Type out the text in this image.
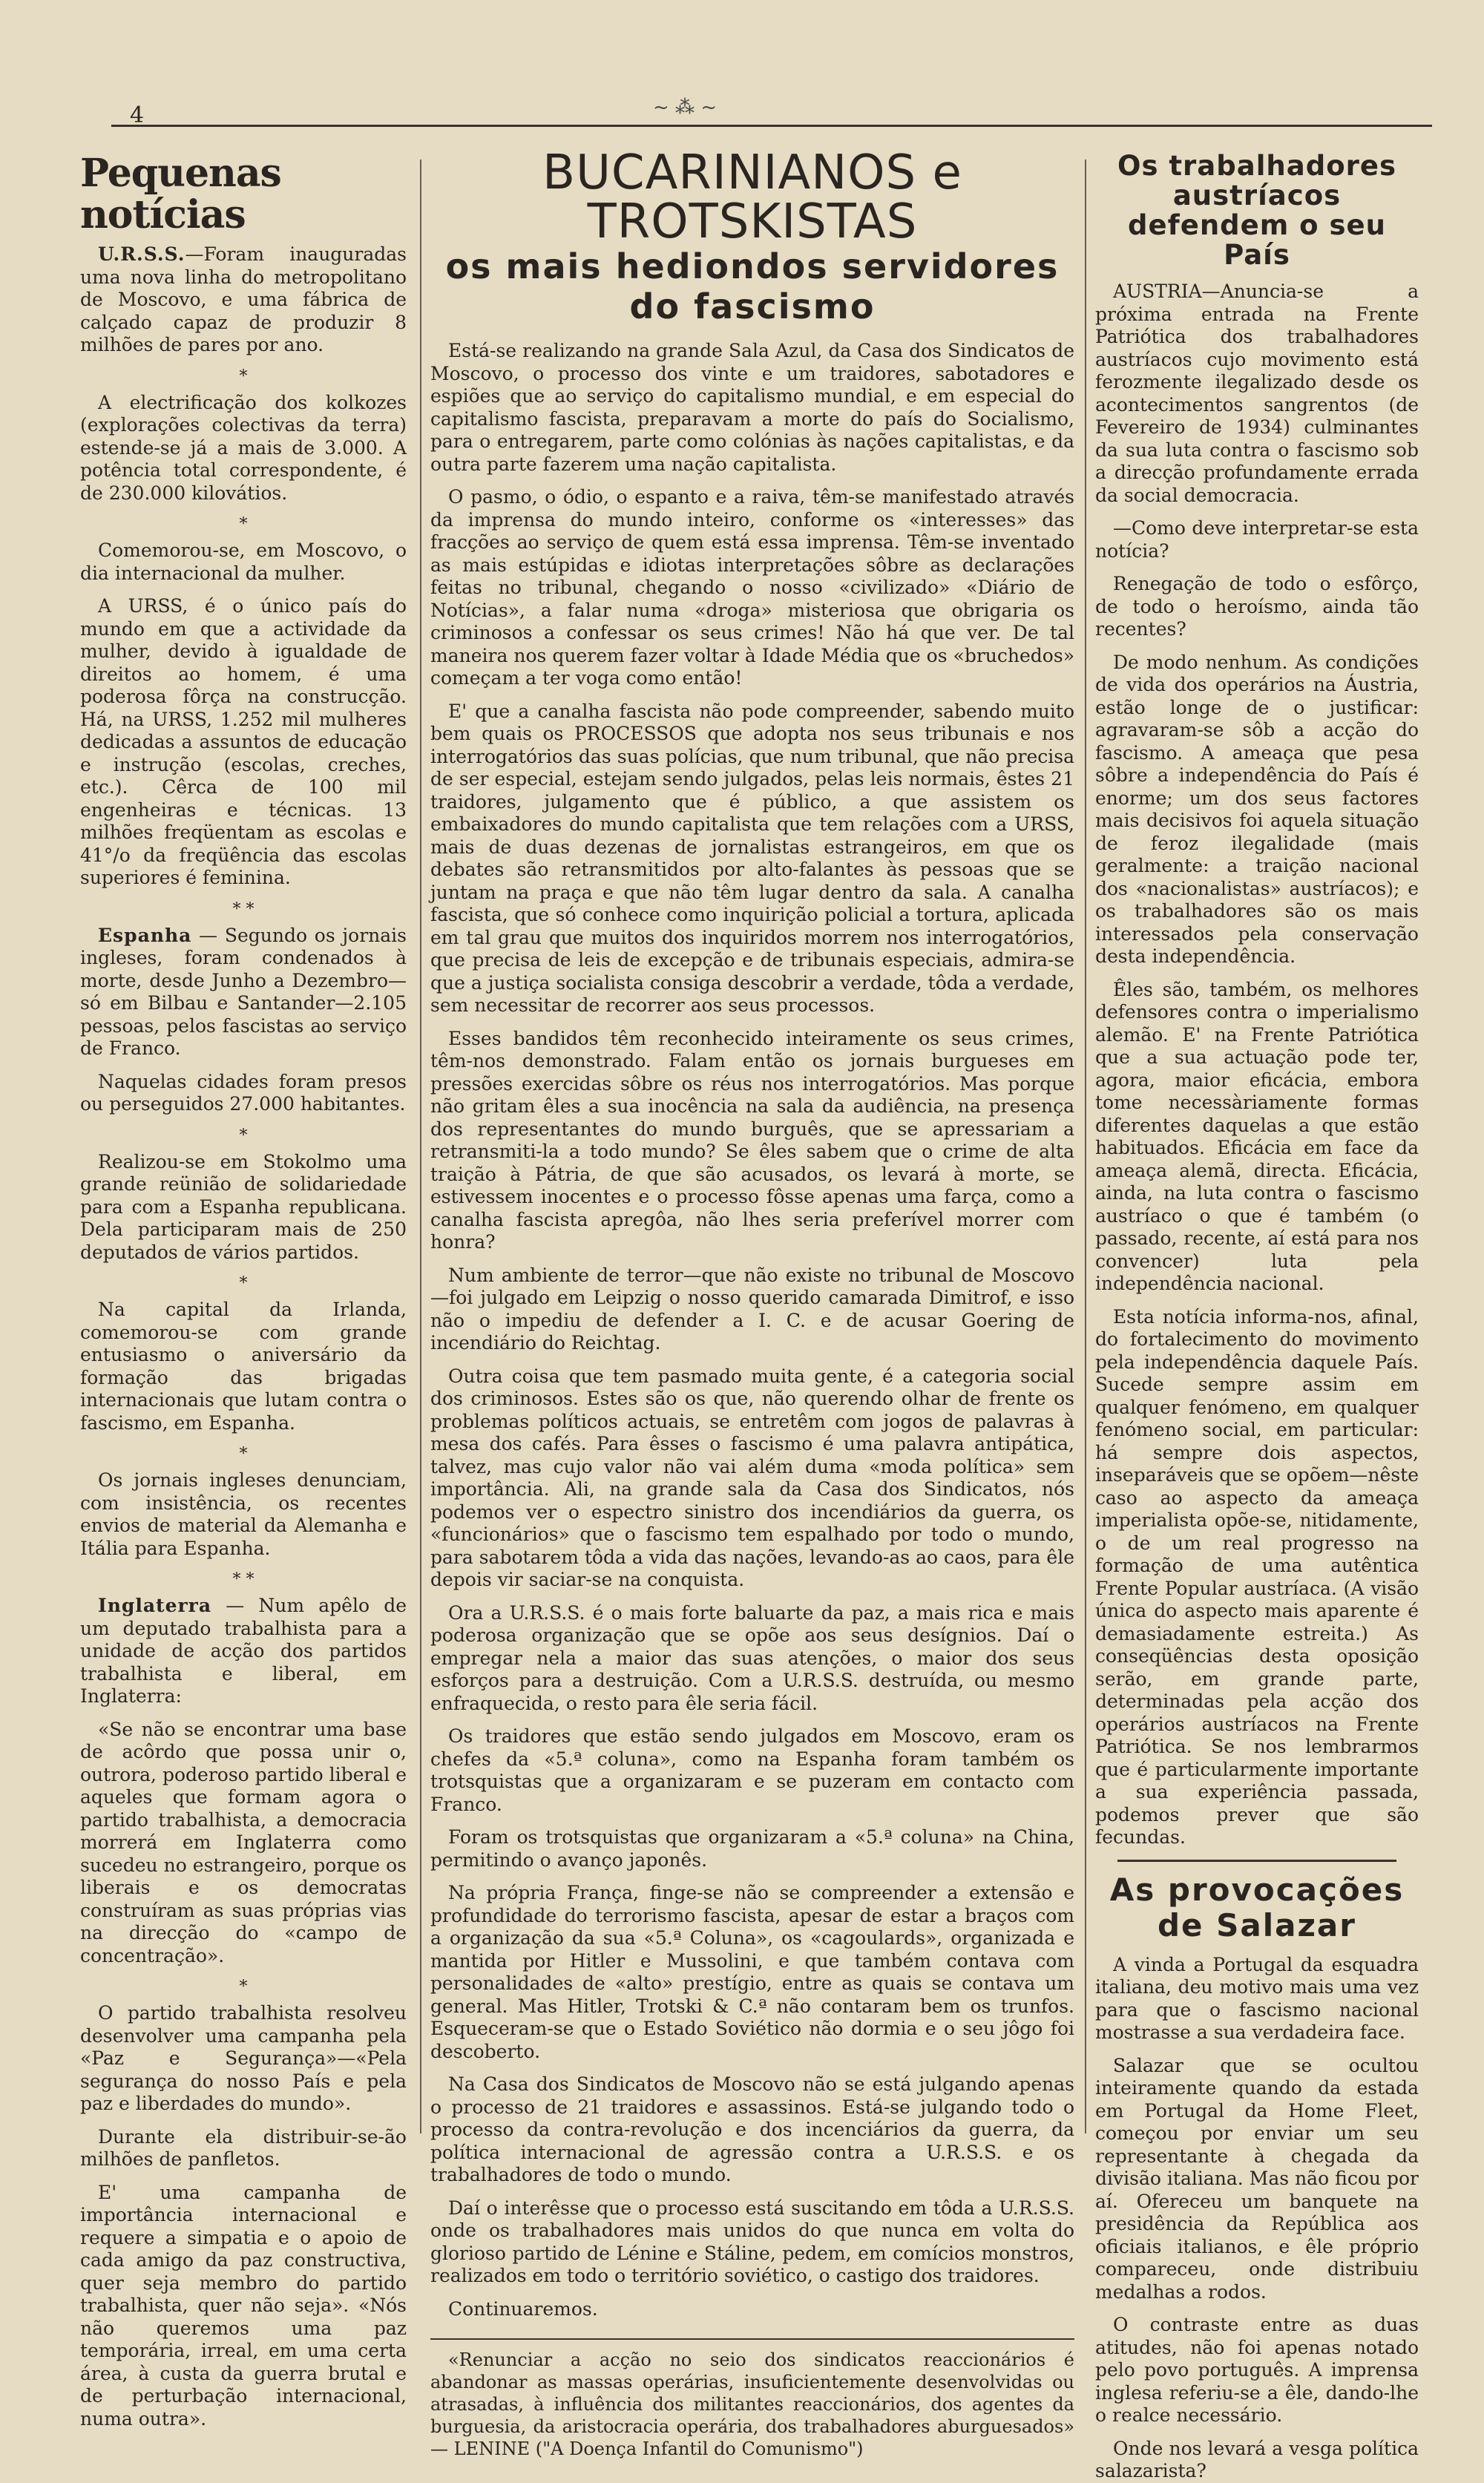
4	~ ⁂ ~
Pequenas notícias

U.R.S.S.—Foram inauguradas uma nova linha do metropolitano de Moscovo, e uma fábrica de calçado capaz de produzir 8 milhões de pares por ano.

*

A electrificação dos kolkozes (explorações colectivas da terra) estende-se já a mais de 3.000. A potência total correspondente, é de 230.000 kilovátios.

*

Comemorou-se, em Moscovo, o dia internacional da mulher.

A URSS, é o único país do mundo em que a actividade da mulher, devido à igualdade de direitos ao homem, é uma poderosa fôrça na construcção. Há, na URSS, 1.252 mil mulheres dedicadas a assuntos de educação e instrução (escolas, creches, etc.). Cêrca de 100 mil engenheiras e técnicas. 13 milhões freqüentam as escolas e 41°/o da freqüência das escolas superiores é feminina.

* *

Espanha — Segundo os jornais ingleses, foram condenados à morte, desde Junho a Dezembro—só em Bilbau e Santander—2.105 pessoas, pelos fascistas ao serviço de Franco.

Naquelas cidades foram presos ou perseguidos 27.000 habitantes.

*

Realizou-se em Stokolmo uma grande reünião de solidariedade para com a Espanha republicana. Dela participaram mais de 250 deputados de vários partidos.

*

Na capital da Irlanda, comemorou-se com grande entusiasmo o aniversário da formação das brigadas internacionais que lutam contra o fascismo, em Espanha.

*

Os jornais ingleses denunciam, com insistência, os recentes envios de material da Alemanha e Itália para Espanha.

* *

Inglaterra — Num apêlo de um deputado trabalhista para a unidade de acção dos partidos trabalhista e liberal, em Inglaterra:

«Se não se encontrar uma base de acôrdo que possa unir o, outrora, poderoso partido liberal e aqueles que formam agora o partido trabalhista, a democracia morrerá em Inglaterra como sucedeu no estrangeiro, porque os liberais e os democratas construíram as suas próprias vias na direcção do «campo de concentração».

*

O partido trabalhista resolveu desenvolver uma campanha pela «Paz e Segurança»—«Pela segurança do nosso País e pela paz e liberdades do mundo».

Durante ela distribuir-se-ão milhões de panfletos.

E' uma campanha de importância internacional e requere a simpatia e o apoio de cada amigo da paz constructiva, quer seja membro do partido trabalhista, quer não seja». «Nós não queremos uma paz temporária, irreal, em uma certa área, à custa da guerra brutal e de perturbação internacional, numa outra».

BUCARINIANOS e TROTSKISTAS
os mais hediondos servidores do fascismo

Está-se realizando na grande Sala Azul, da Casa dos Sindicatos de Moscovo, o processo dos vinte e um traidores, sabotadores e espiões que ao serviço do capitalismo mundial, e em especial do capitalismo fascista, preparavam a morte do país do Socialismo, para o entregarem, parte como colónias às nações capitalistas, e da outra parte fazerem uma nação capitalista.

O pasmo, o ódio, o espanto e a raiva, têm-se manifestado através da imprensa do mundo inteiro, conforme os «interesses» das fracções ao serviço de quem está essa imprensa. Têm-se inventado as mais estúpidas e idiotas interpretações sôbre as declarações feitas no tribunal, chegando o nosso «civilizado» «Diário de Notícias», a falar numa «droga» misteriosa que obrigaria os criminosos a confessar os seus crimes! Não há que ver. De tal maneira nos querem fazer voltar à Idade Média que os «bruchedos» começam a ter voga como então!

E' que a canalha fascista não pode compreender, sabendo muito bem quais os PROCESSOS que adopta nos seus tribunais e nos interrogatórios das suas polícias, que num tribunal, que não precisa de ser especial, estejam sendo julgados, pelas leis normais, êstes 21 traidores, julgamento que é público, a que assistem os embaixadores do mundo capitalista que tem relações com a URSS, mais de duas dezenas de jornalistas estrangeiros, em que os debates são retransmitidos por alto-falantes às pessoas que se juntam na praça e que não têm lugar dentro da sala. A canalha fascista, que só conhece como inquirição policial a tortura, aplicada em tal grau que muitos dos inquiridos morrem nos interrogatórios, que precisa de leis de excepção e de tribunais especiais, admira-se que a justiça socialista consiga descobrir a verdade, tôda a verdade, sem necessitar de recorrer aos seus processos.

Esses bandidos têm reconhecido inteiramente os seus crimes, têm-nos demonstrado. Falam então os jornais burgueses em pressões exercidas sôbre os réus nos interrogatórios. Mas porque não gritam êles a sua inocência na sala da audiência, na presença dos representantes do mundo burguês, que se apressariam a retransmiti-la a todo mundo? Se êles sabem que o crime de alta traição à Pátria, de que são acusados, os levará à morte, se estivessem inocentes e o processo fôsse apenas uma farça, como a canalha fascista apregôa, não lhes seria preferível morrer com honra?

Num ambiente de terror—que não existe no tribunal de Moscovo—foi julgado em Leipzig o nosso querido camarada Dimitrof, e isso não o impediu de defender a I. C. e de acusar Goering de incendiário do Reichtag.

Outra coisa que tem pasmado muita gente, é a categoria social dos criminosos. Estes são os que, não querendo olhar de frente os problemas políticos actuais, se entretêm com jogos de palavras à mesa dos cafés. Para êsses o fascismo é uma palavra antipática, talvez, mas cujo valor não vai além duma «moda política» sem importância. Ali, na grande sala da Casa dos Sindicatos, nós podemos ver o espectro sinistro dos incendiários da guerra, os «funcionários» que o fascismo tem espalhado por todo o mundo, para sabotarem tôda a vida das nações, levando-as ao caos, para êle depois vir saciar-se na conquista.

Ora a U.R.S.S. é o mais forte baluarte da paz, a mais rica e mais poderosa organização que se opõe aos seus desígnios. Daí o empregar nela a maior das suas atenções, o maior dos seus esforços para a destruição. Com a U.R.S.S. destruída, ou mesmo enfraquecida, o resto para êle seria fácil.

Os traidores que estão sendo julgados em Moscovo, eram os chefes da «5.ª coluna», como na Espanha foram também os trotsquistas que a organizaram e se puzeram em contacto com Franco.

Foram os trotsquistas que organizaram a «5.ª coluna» na China, permitindo o avanço japonês.

Na própria França, finge-se não se compreender a extensão e profundidade do terrorismo fascista, apesar de estar a braços com a organização da sua «5.ª Coluna», os «cagoulards», organizada e mantida por Hitler e Mussolini, e que também contava com personalidades de «alto» prestígio, entre as quais se contava um general. Mas Hitler, Trotski & C.ª não contaram bem os trunfos. Esqueceram-se que o Estado Soviético não dormia e o seu jôgo foi descoberto.

Na Casa dos Sindicatos de Moscovo não se está julgando apenas o processo de 21 traidores e assassinos. Está-se julgando todo o processo da contra-revolução e dos incenciários da guerra, da política internacional de agressão contra a U.R.S.S. e os trabalhadores de todo o mundo.

Daí o interêsse que o processo está suscitando em tôda a U.R.S.S. onde os trabalhadores mais unidos do que nunca em volta do glorioso partido de Lénine e Stáline, pedem, em comícios monstros, realizados em todo o território soviético, o castigo dos traidores.

Continuaremos.

«Renunciar a acção no seio dos sindicatos reaccionários é abandonar as massas operárias, insuficientemente desenvolvidas ou atrasadas, à influência dos militantes reaccionários, dos agentes da burguesia, da aristocracia operária, dos trabalhadores aburguesados» — LENINE ("A Doença Infantil do Comunismo")

Os trabalhadores austríacos defendem o seu País

AUSTRIA—Anuncia-se a próxima entrada na Frente Patriótica dos trabalhadores austríacos cujo movimento está ferozmente ilegalizado desde os acontecimentos sangrentos (de Fevereiro de 1934) culminantes da sua luta contra o fascismo sob a direcção profundamente errada da social democracia.

—Como deve interpretar-se esta notícia?

Renegação de todo o esfôrço, de todo o heroísmo, ainda tão recentes?

De modo nenhum. As condições de vida dos operários na Áustria, estão longe de o justificar: agravaram-se sôb a acção do fascismo. A ameaça que pesa sôbre a independência do País é enorme; um dos seus factores mais decisivos foi aquela situação de feroz ilegalidade (mais geralmente: a traição nacional dos «nacionalistas» austríacos); e os trabalhadores são os mais interessados pela conservação desta independência.

Êles são, também, os melhores defensores contra o imperialismo alemão. E' na Frente Patriótica que a sua actuação pode ter, agora, maior eficácia, embora tome necessàriamente formas diferentes daquelas a que estão habituados. Eficácia em face da ameaça alemã, directa. Eficácia, ainda, na luta contra o fascismo austríaco o que é também (o passado, recente, aí está para nos convencer) luta pela independência nacional.

Esta notícia informa-nos, afinal, do fortalecimento do movimento pela independência daquele País. Sucede sempre assim em qualquer fenómeno, em qualquer fenómeno social, em particular: há sempre dois aspectos, inseparáveis que se opõem—nêste caso ao aspecto da ameaça imperialista opõe-se, nitidamente, o de um real progresso na formação de uma autêntica Frente Popular austríaca. (A visão única do aspecto mais aparente é demasiadamente estreita.) As conseqüências desta oposição serão, em grande parte, determinadas pela acção dos operários austríacos na Frente Patriótica. Se nos lembrarmos que é particularmente importante a sua experiência passada, podemos prever que são fecundas.

As provocações de Salazar

A vinda a Portugal da esquadra italiana, deu motivo mais uma vez para que o fascismo nacional mostrasse a sua verdadeira face.

Salazar que se ocultou inteiramente quando da estada em Portugal da Home Fleet, começou por enviar um seu representante à chegada da divisão italiana. Mas não ficou por aí. Ofereceu um banquete na presidência da República aos oficiais italianos, e êle próprio compareceu, onde distribuiu medalhas a rodos.

O contraste entre as duas atitudes, não foi apenas notado pelo povo português. A imprensa inglesa referiu-se a êle, dando-lhe o realce necessário.

Onde nos levará a vesga política salazarista?
